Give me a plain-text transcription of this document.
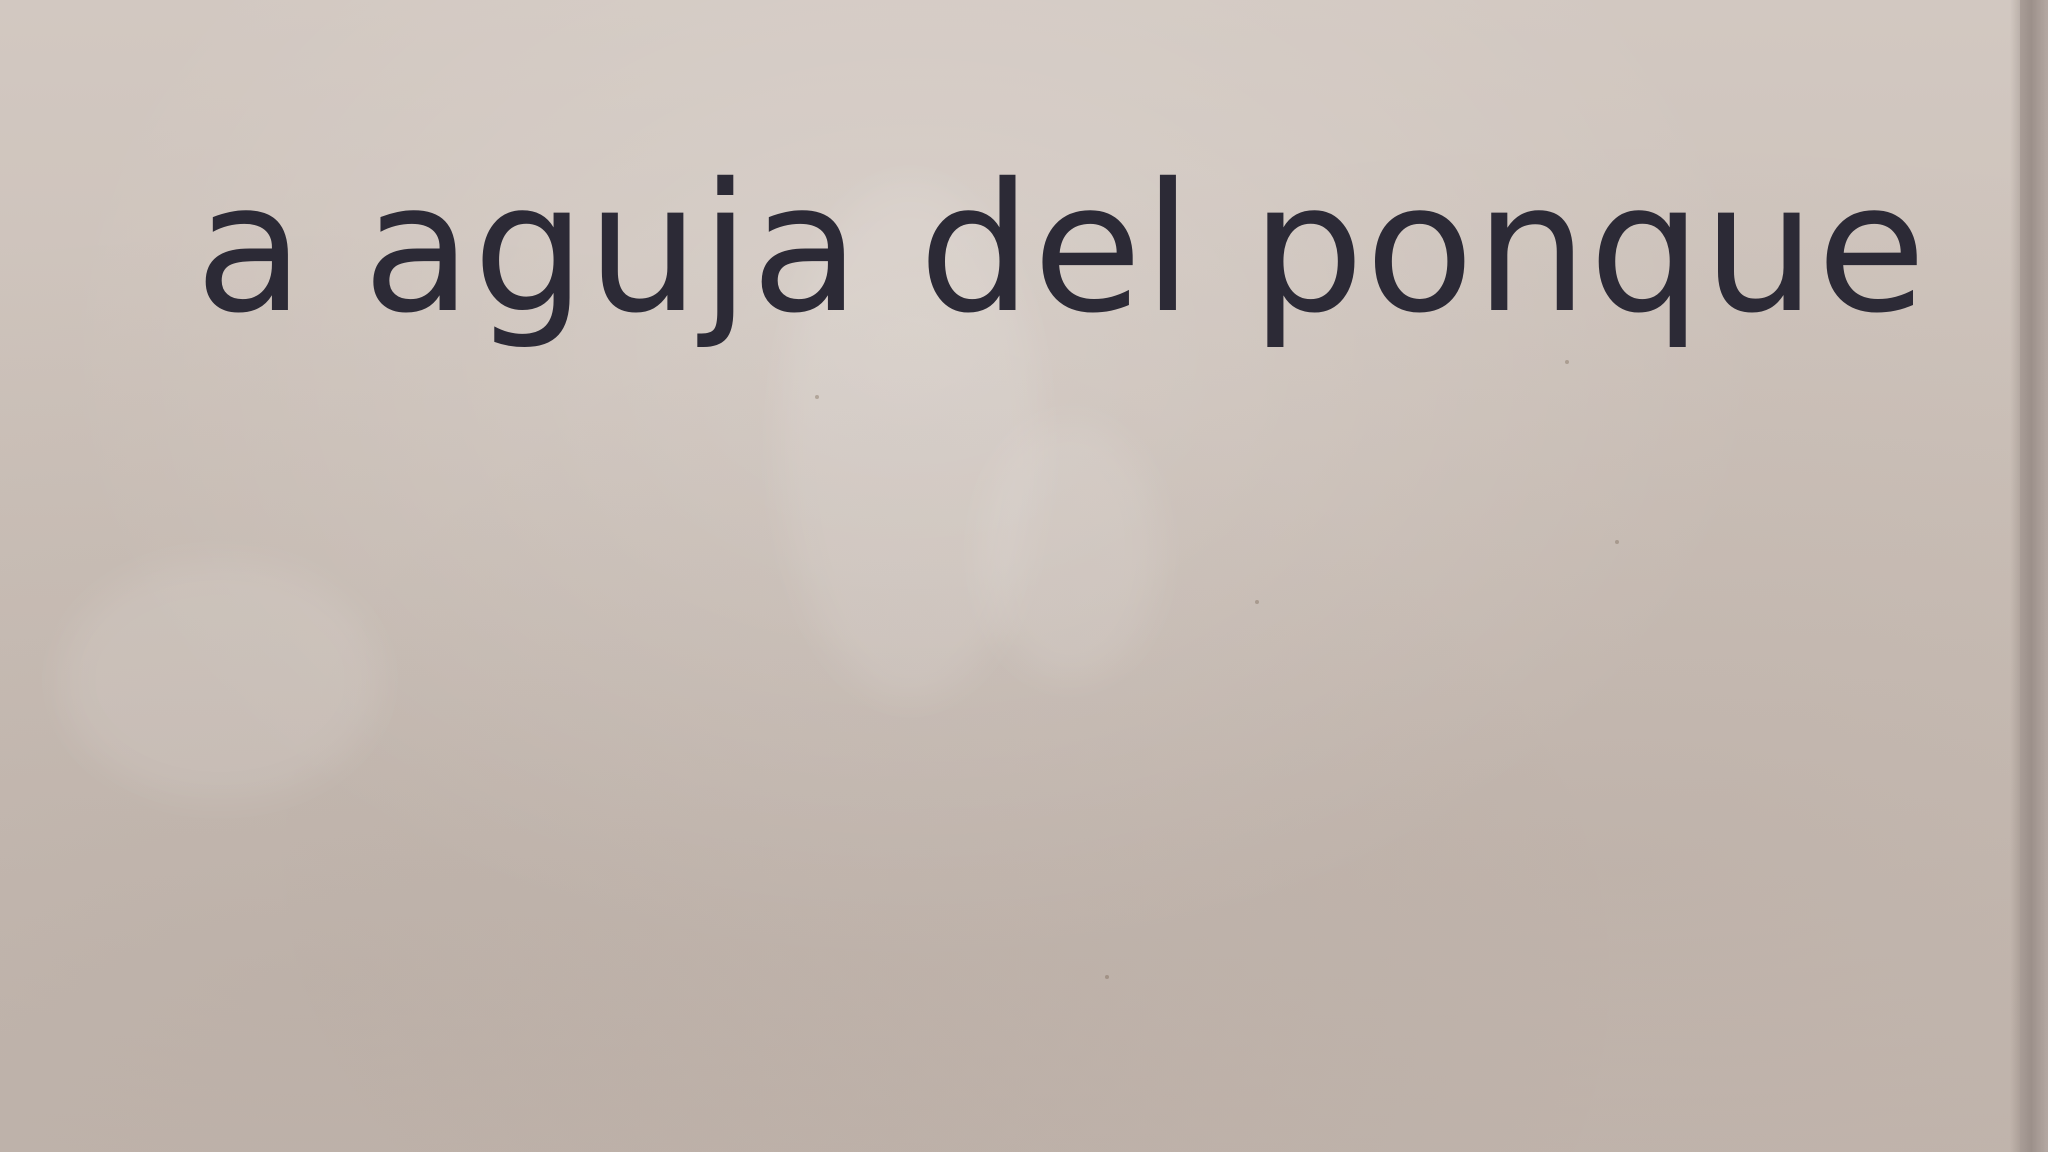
a aguja del ponque
